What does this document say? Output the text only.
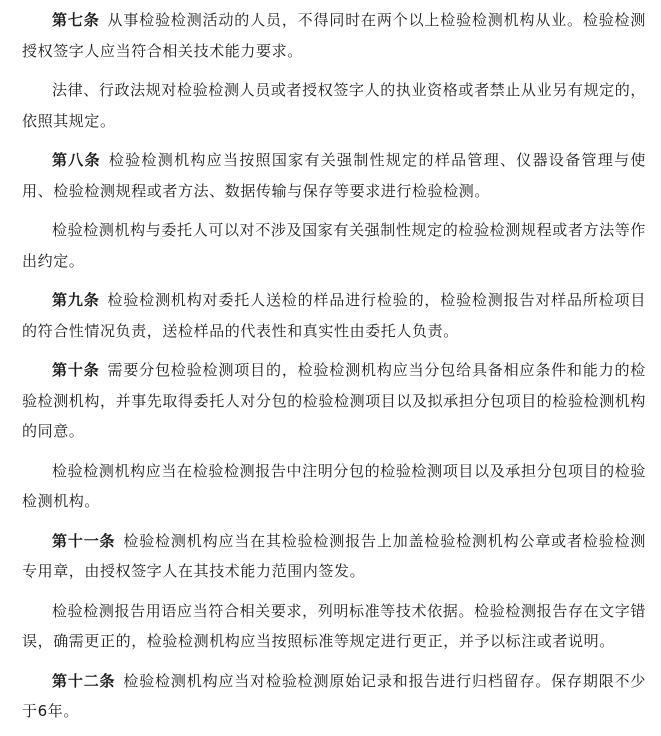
第七条 从事检验检测活动的人员，不得同时在两个以上检验检测机构从业。检验检测授权签字人应当符合相关技术能力要求。

法律、行政法规对检验检测人员或者授权签字人的执业资格或者禁止从业另有规定的，依照其规定。

第八条 检验检测机构应当按照国家有关强制性规定的样品管理、仪器设备管理与使用、检验检测规程或者方法、数据传输与保存等要求进行检验检测。

检验检测机构与委托人可以对不涉及国家有关强制性规定的检验检测规程或者方法等作出约定。

第九条 检验检测机构对委托人送检的样品进行检验的，检验检测报告对样品所检项目的符合性情况负责，送检样品的代表性和真实性由委托人负责。

第十条 需要分包检验检测项目的，检验检测机构应当分包给具备相应条件和能力的检验检测机构，并事先取得委托人对分包的检验检测项目以及拟承担分包项目的检验检测机构的同意。

检验检测机构应当在检验检测报告中注明分包的检验检测项目以及承担分包项目的检验检测机构。

第十一条 检验检测机构应当在其检验检测报告上加盖检验检测机构公章或者检验检测专用章，由授权签字人在其技术能力范围内签发。

检验检测报告用语应当符合相关要求，列明标准等技术依据。检验检测报告存在文字错误，确需更正的，检验检测机构应当按照标准等规定进行更正，并予以标注或者说明。

第十二条 检验检测机构应当对检验检测原始记录和报告进行归档留存。保存期限不少于6年。
